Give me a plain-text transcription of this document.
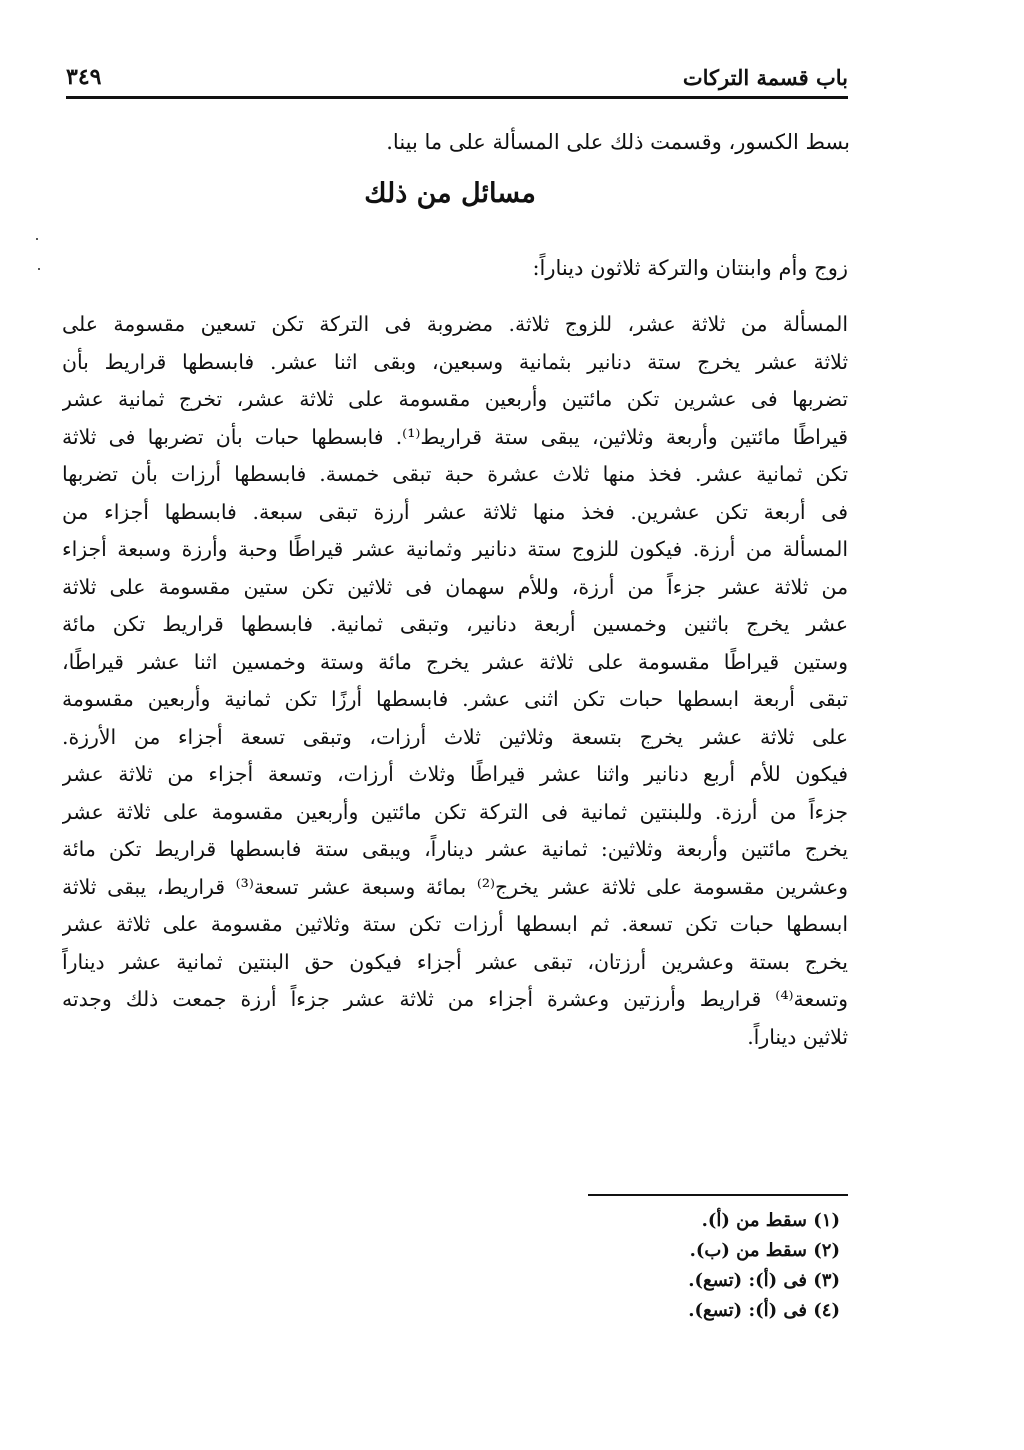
باب قسمة التركات
٣٤٩
بسط الكسور، وقسمت ذلك على المسألة على ما بينا.
مسائل من ذلك
زوج وأم وابنتان والتركة ثلاثون ديناراً:
المسألة من ثلاثة عشر، للزوج ثلاثة. مضروبة فى التركة تكن تسعين مقسومة على
ثلاثة عشر يخرج ستة دنانير بثمانية وسبعين، وبقى اثنا عشر. فابسطها قراريط بأن
تضربها فى عشرين تكن مائتين وأربعين مقسومة على ثلاثة عشر، تخرج ثمانية عشر
قيراطًا مائتين وأربعة وثلاثين، يبقى ستة قراريط⁽¹⁾. فابسطها حبات بأن تضربها فى ثلاثة
تكن ثمانية عشر. فخذ منها ثلاث عشرة حبة تبقى خمسة. فابسطها أرزات بأن تضربها
فى أربعة تكن عشرين. فخذ منها ثلاثة عشر أرزة تبقى سبعة. فابسطها أجزاء من
المسألة من أرزة. فيكون للزوج ستة دنانير وثمانية عشر قيراطًا وحبة وأرزة وسبعة أجزاء
من ثلاثة عشر جزءاً من أرزة، وللأم سهمان فى ثلاثين تكن ستين مقسومة على ثلاثة
عشر يخرج باثنين وخمسين أربعة دنانير، وتبقى ثمانية. فابسطها قراريط تكن مائة
وستين قيراطًا مقسومة على ثلاثة عشر يخرج مائة وستة وخمسين اثنا عشر قيراطًا،
تبقى أربعة ابسطها حبات تكن اثنى عشر. فابسطها أرزًا تكن ثمانية وأربعين مقسومة
على ثلاثة عشر يخرج بتسعة وثلاثين ثلاث أرزات، وتبقى تسعة أجزاء من الأرزة.
فيكون للأم أربع دنانير واثنا عشر قيراطًا وثلاث أرزات، وتسعة أجزاء من ثلاثة عشر
جزءاً من أرزة. وللبنتين ثمانية فى التركة تكن مائتين وأربعين مقسومة على ثلاثة عشر
يخرج مائتين وأربعة وثلاثين: ثمانية عشر ديناراً، ويبقى ستة فابسطها قراريط تكن مائة
وعشرين مقسومة على ثلاثة عشر يخرج⁽²⁾ بمائة وسبعة عشر تسعة⁽³⁾ قراريط، يبقى ثلاثة
ابسطها حبات تكن تسعة. ثم ابسطها أرزات تكن ستة وثلاثين مقسومة على ثلاثة عشر
يخرج بستة وعشرين أرزتان، تبقى عشر أجزاء فيكون حق البنتين ثمانية عشر ديناراً
وتسعة⁽⁴⁾ قراريط وأرزتين وعشرة أجزاء من ثلاثة عشر جزءاً أرزة جمعت ذلك وجدته
ثلاثين ديناراً.
(١) سقط من (أ).
(٢) سقط من (ب).
(٣) فى (أ): (تسع).
(٤) فى (أ): (تسع).
